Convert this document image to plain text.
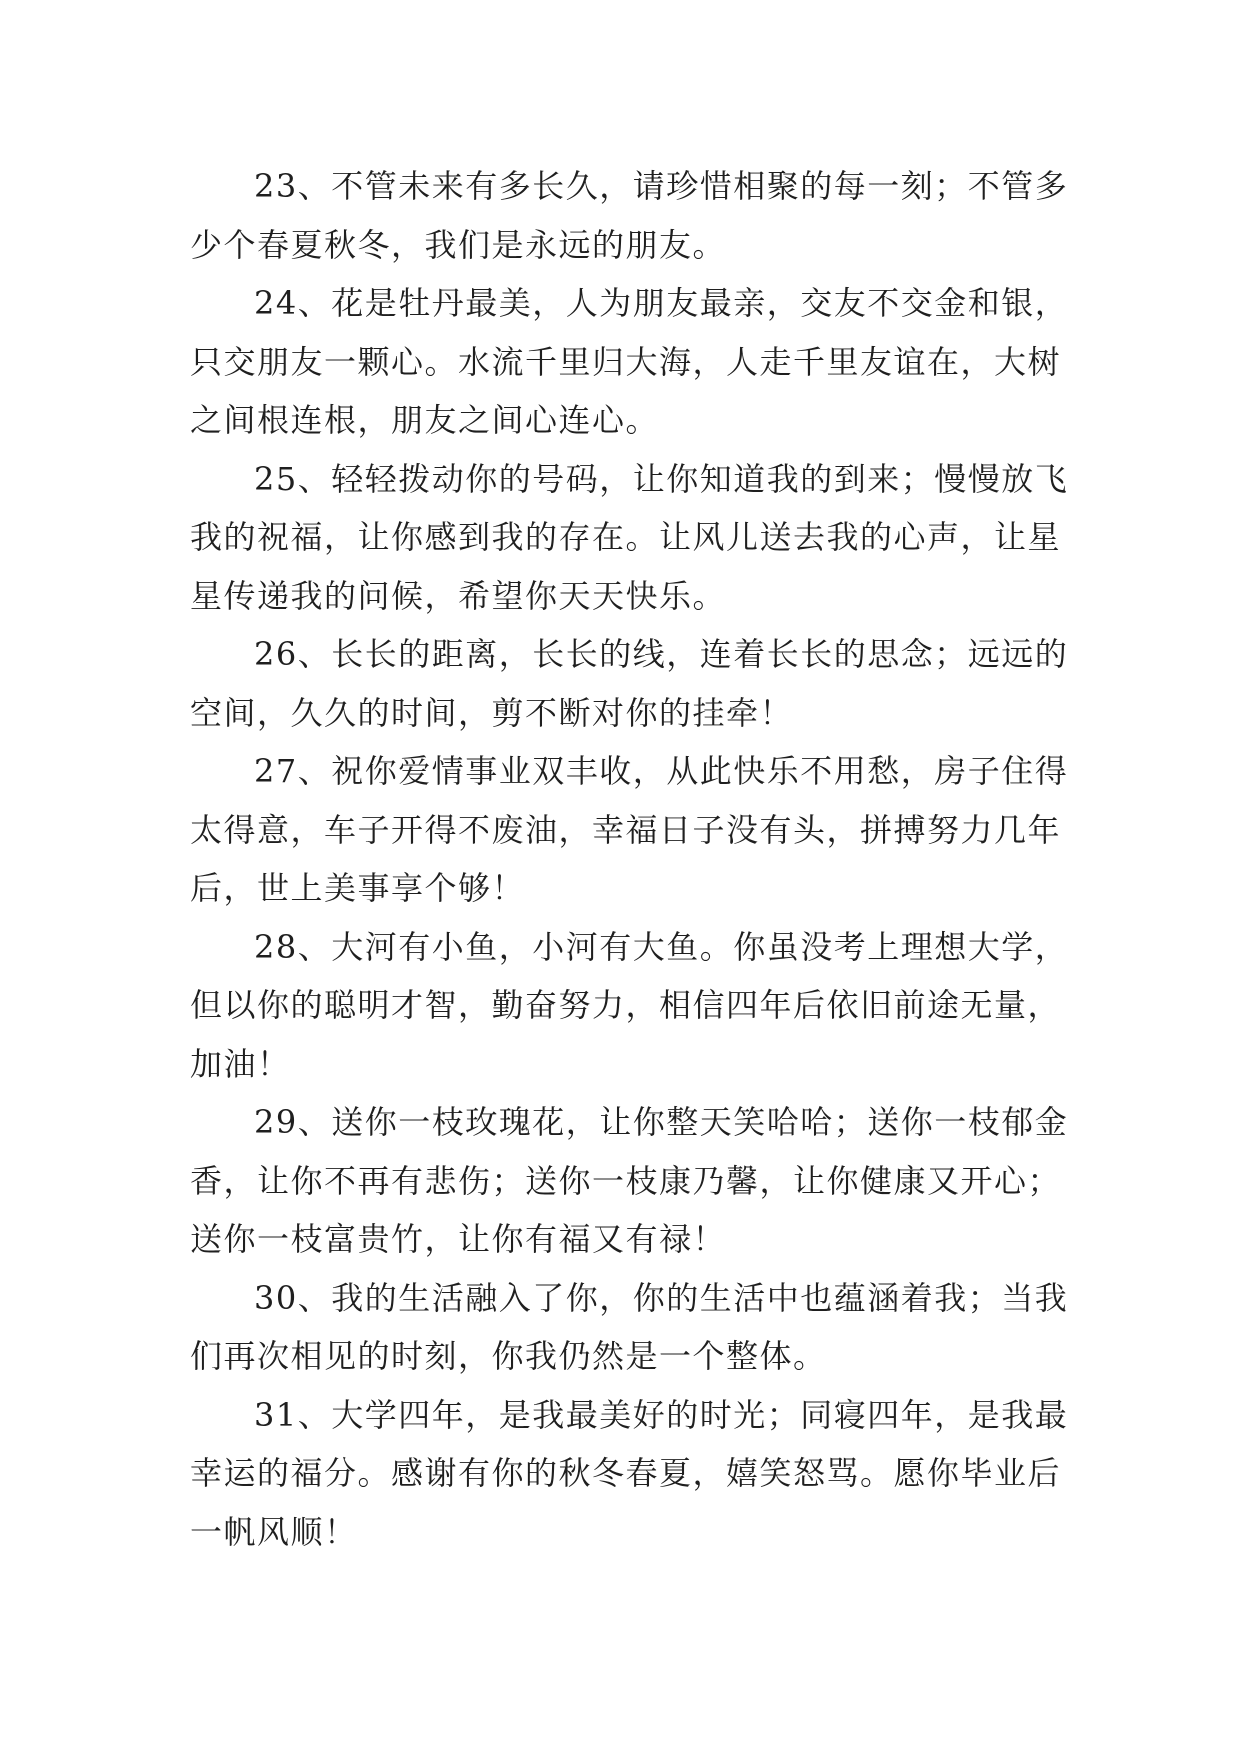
23、不管未来有多长久，请珍惜相聚的每一刻；不管多
少个春夏秋冬，我们是永远的朋友。
24、花是牡丹最美，人为朋友最亲，交友不交金和银，
只交朋友一颗心。水流千里归大海，人走千里友谊在，大树
之间根连根，朋友之间心连心。
25、轻轻拨动你的号码，让你知道我的到来；慢慢放飞
我的祝福，让你感到我的存在。让风儿送去我的心声，让星
星传递我的问候，希望你天天快乐。
26、长长的距离，长长的线，连着长长的思念；远远的
空间，久久的时间，剪不断对你的挂牵！
27、祝你爱情事业双丰收，从此快乐不用愁，房子住得
太得意，车子开得不废油，幸福日子没有头，拼搏努力几年
后，世上美事享个够！
28、大河有小鱼，小河有大鱼。你虽没考上理想大学，
但以你的聪明才智，勤奋努力，相信四年后依旧前途无量，
加油！
29、送你一枝玫瑰花，让你整天笑哈哈；送你一枝郁金
香，让你不再有悲伤；送你一枝康乃馨，让你健康又开心；
送你一枝富贵竹，让你有福又有禄！
30、我的生活融入了你，你的生活中也蕴涵着我；当我
们再次相见的时刻，你我仍然是一个整体。
31、大学四年，是我最美好的时光；同寝四年，是我最
幸运的福分。感谢有你的秋冬春夏，嬉笑怒骂。愿你毕业后
一帆风顺！
